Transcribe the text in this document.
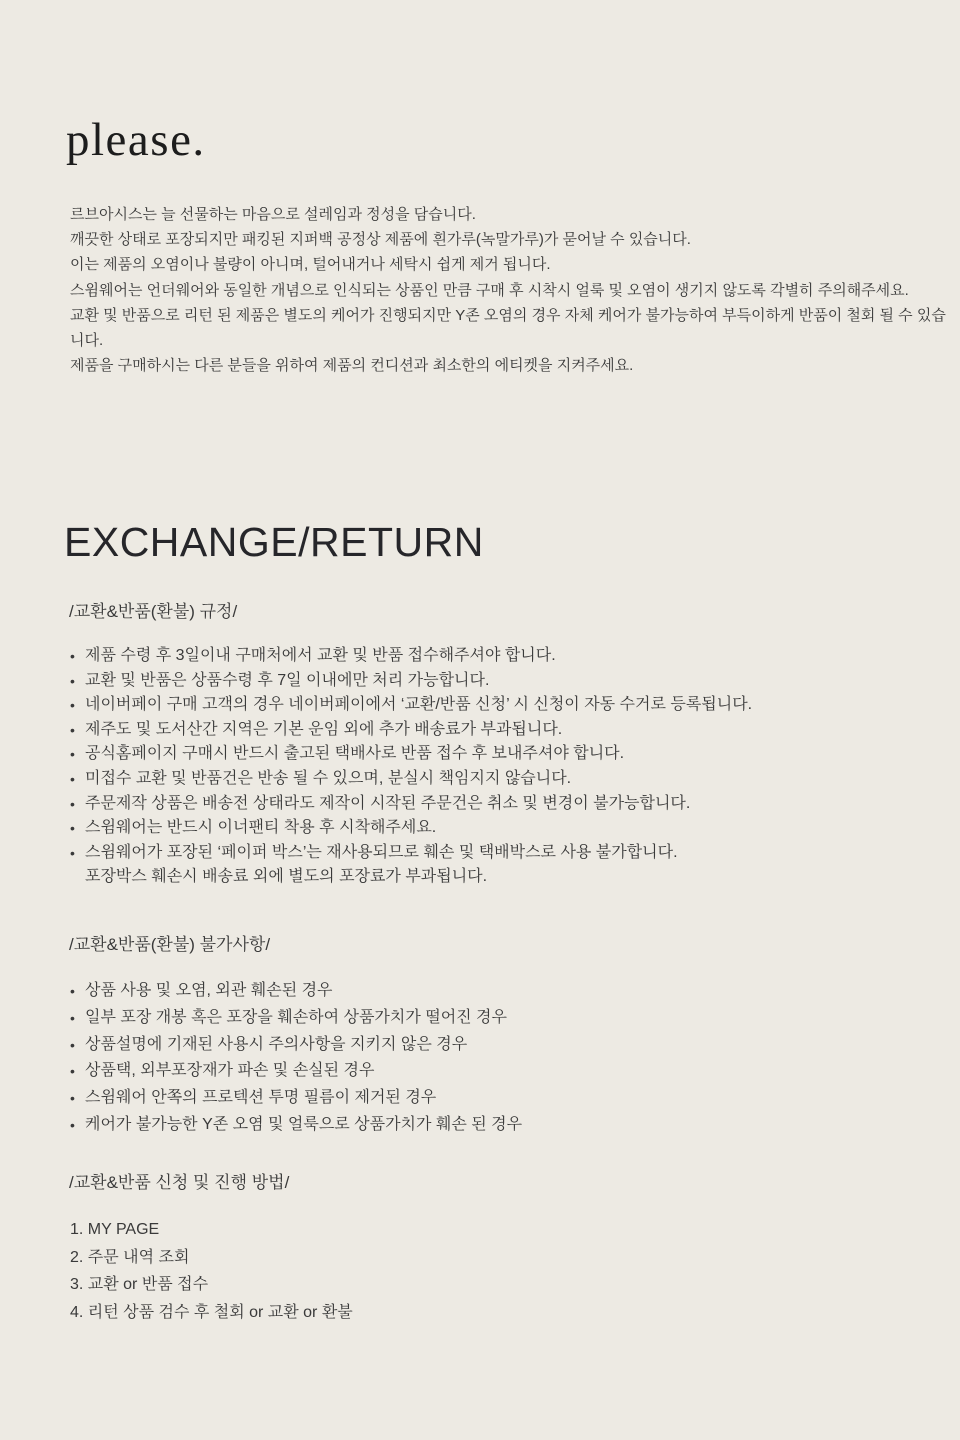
please.
르브아시스는 늘 선물하는 마음으로 설레임과 정성을 담습니다.
깨끗한 상태로 포장되지만 패킹된 지퍼백 공정상 제품에 흰가루(녹말가루)가 묻어날 수 있습니다.
이는 제품의 오염이나 불량이 아니며, 털어내거나 세탁시 쉽게 제거 됩니다.
스윔웨어는 언더웨어와 동일한 개념으로 인식되는 상품인 만큼 구매 후 시착시 얼룩 및 오염이 생기지 않도록 각별히 주의해주세요.
교환 및 반품으로 리턴 된 제품은 별도의 케어가 진행되지만 Y존 오염의 경우 자체 케어가 불가능하여 부득이하게 반품이 철회 될 수 있습니다.
제품을 구매하시는 다른 분들을 위하여 제품의 컨디션과 최소한의 에티켓을 지켜주세요.
EXCHANGE/RETURN
/교환&반품(환불) 규정/
• 제품 수령 후 3일이내 구매처에서 교환 및 반품 접수해주셔야 합니다.
• 교환 및 반품은 상품수령 후 7일 이내에만 처리 가능합니다.
• 네이버페이 구매 고객의 경우 네이버페이에서 ‘교환/반품 신청’ 시 신청이 자동 수거로 등록됩니다.
• 제주도 및 도서산간 지역은 기본 운임 외에 추가 배송료가 부과됩니다.
• 공식홈페이지 구매시 반드시 출고된 택배사로 반품 접수 후 보내주셔야 합니다.
• 미접수 교환 및 반품건은 반송 될 수 있으며, 분실시 책임지지 않습니다.
• 주문제작 상품은 배송전 상태라도 제작이 시작된 주문건은 취소 및 변경이 불가능합니다.
• 스윔웨어는 반드시 이너팬티 착용 후 시착해주세요.
• 스윔웨어가 포장된 ‘페이퍼 박스’는 재사용되므로 훼손 및 택배박스로 사용 불가합니다.
포장박스 훼손시 배송료 외에 별도의 포장료가 부과됩니다.
/교환&반품(환불) 불가사항/
• 상품 사용 및 오염, 외관 훼손된 경우
• 일부 포장 개봉 혹은 포장을 훼손하여 상품가치가 떨어진 경우
• 상품설명에 기재된 사용시 주의사항을 지키지 않은 경우
• 상품택, 외부포장재가 파손 및 손실된 경우
• 스윔웨어 안쪽의 프로텍션 투명 필름이 제거된 경우
• 케어가 불가능한 Y존 오염 및 얼룩으로 상품가치가 훼손 된 경우
/교환&반품 신청 및 진행 방법/
1. MY PAGE
2. 주문 내역 조회
3. 교환 or 반품 접수
4. 리턴 상품 검수 후 철회 or 교환 or 환불
